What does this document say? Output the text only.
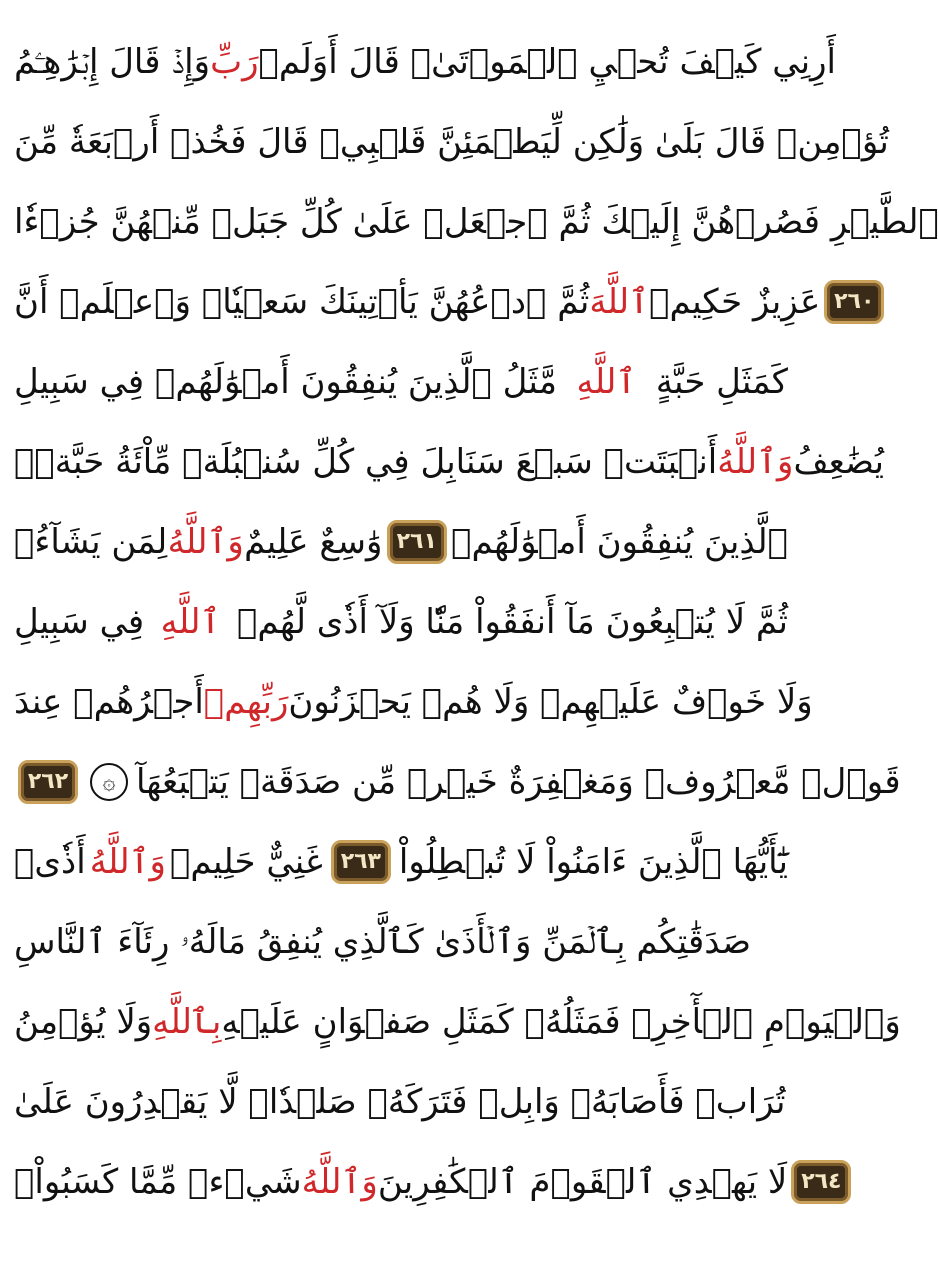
وَإِذۡ قَالَ إِبۡرَٰهِـۧمُ رَبِّ أَرِنِي كَيۡفَ تُحۡيِ ٱلۡمَوۡتَىٰۖ قَالَ أَوَلَمۡ
تُؤۡمِنۖ قَالَ بَلَىٰ وَلَٰكِن لِّيَطۡمَئِنَّ قَلۡبِيۖ قَالَ فَخُذۡ أَرۡبَعَةٗ مِّنَ
ٱلطَّيۡرِ فَصُرۡهُنَّ إِلَيۡكَ ثُمَّ ٱجۡعَلۡ عَلَىٰ كُلِّ جَبَلٖ مِّنۡهُنَّ جُزۡءٗا
ثُمَّ ٱدۡعُهُنَّ يَأۡتِينَكَ سَعۡيٗاۚ وَٱعۡلَمۡ أَنَّ ٱللَّهَ عَزِيزٌ حَكِيمٞ ٢٦٠
مَّثَلُ ٱلَّذِينَ يُنفِقُونَ أَمۡوَٰلَهُمۡ فِي سَبِيلِ ٱللَّهِ كَمَثَلِ حَبَّةٍ
أَنۢبَتَتۡ سَبۡعَ سَنَابِلَ فِي كُلِّ سُنۢبُلَةٖ مِّاْئَةُ حَبَّةٖۗ وَٱللَّهُ يُضَٰعِفُ
لِمَن يَشَآءُۚ وَٱللَّهُ وَٰسِعٌ عَلِيمٌ ٢٦١ ٱلَّذِينَ يُنفِقُونَ أَمۡوَٰلَهُمۡ
فِي سَبِيلِ ٱللَّهِ ثُمَّ لَا يُتۡبِعُونَ مَآ أَنفَقُواْ مَنّٗا وَلَآ أَذٗى لَّهُمۡ
أَجۡرُهُمۡ عِندَ رَبِّهِمۡ وَلَا خَوۡفٌ عَلَيۡهِمۡ وَلَا هُمۡ يَحۡزَنُونَ
٢٦٢	۞ قَوۡلٞ مَّعۡرُوفٞ وَمَغۡفِرَةٌ خَيۡرٞ مِّن صَدَقَةٖ يَتۡبَعُهَآ
أَذٗىۗ وَٱللَّهُ غَنِيٌّ حَلِيمٞ ٢٦٣ يَٰٓأَيُّهَا ٱلَّذِينَ ءَامَنُواْ لَا تُبۡطِلُواْ
صَدَقَٰتِكُم بِٱلۡمَنِّ وَٱلۡأَذَىٰ كَٱلَّذِي يُنفِقُ مَالَهُۥ رِئَآءَ ٱلنَّاسِ
وَلَا يُؤۡمِنُ بِٱللَّهِ وَٱلۡيَوۡمِ ٱلۡأٓخِرِۖ فَمَثَلُهُۥ كَمَثَلِ صَفۡوَانٍ عَلَيۡهِ
تُرَابٞ فَأَصَابَهُۥ وَابِلٞ فَتَرَكَهُۥ صَلۡدٗاۖ لَّا يَقۡدِرُونَ عَلَىٰ
شَيۡءٖ مِّمَّا كَسَبُواْۗ وَٱللَّهُ لَا يَهۡدِي ٱلۡقَوۡمَ ٱلۡكَٰفِرِينَ ٢٦٤
